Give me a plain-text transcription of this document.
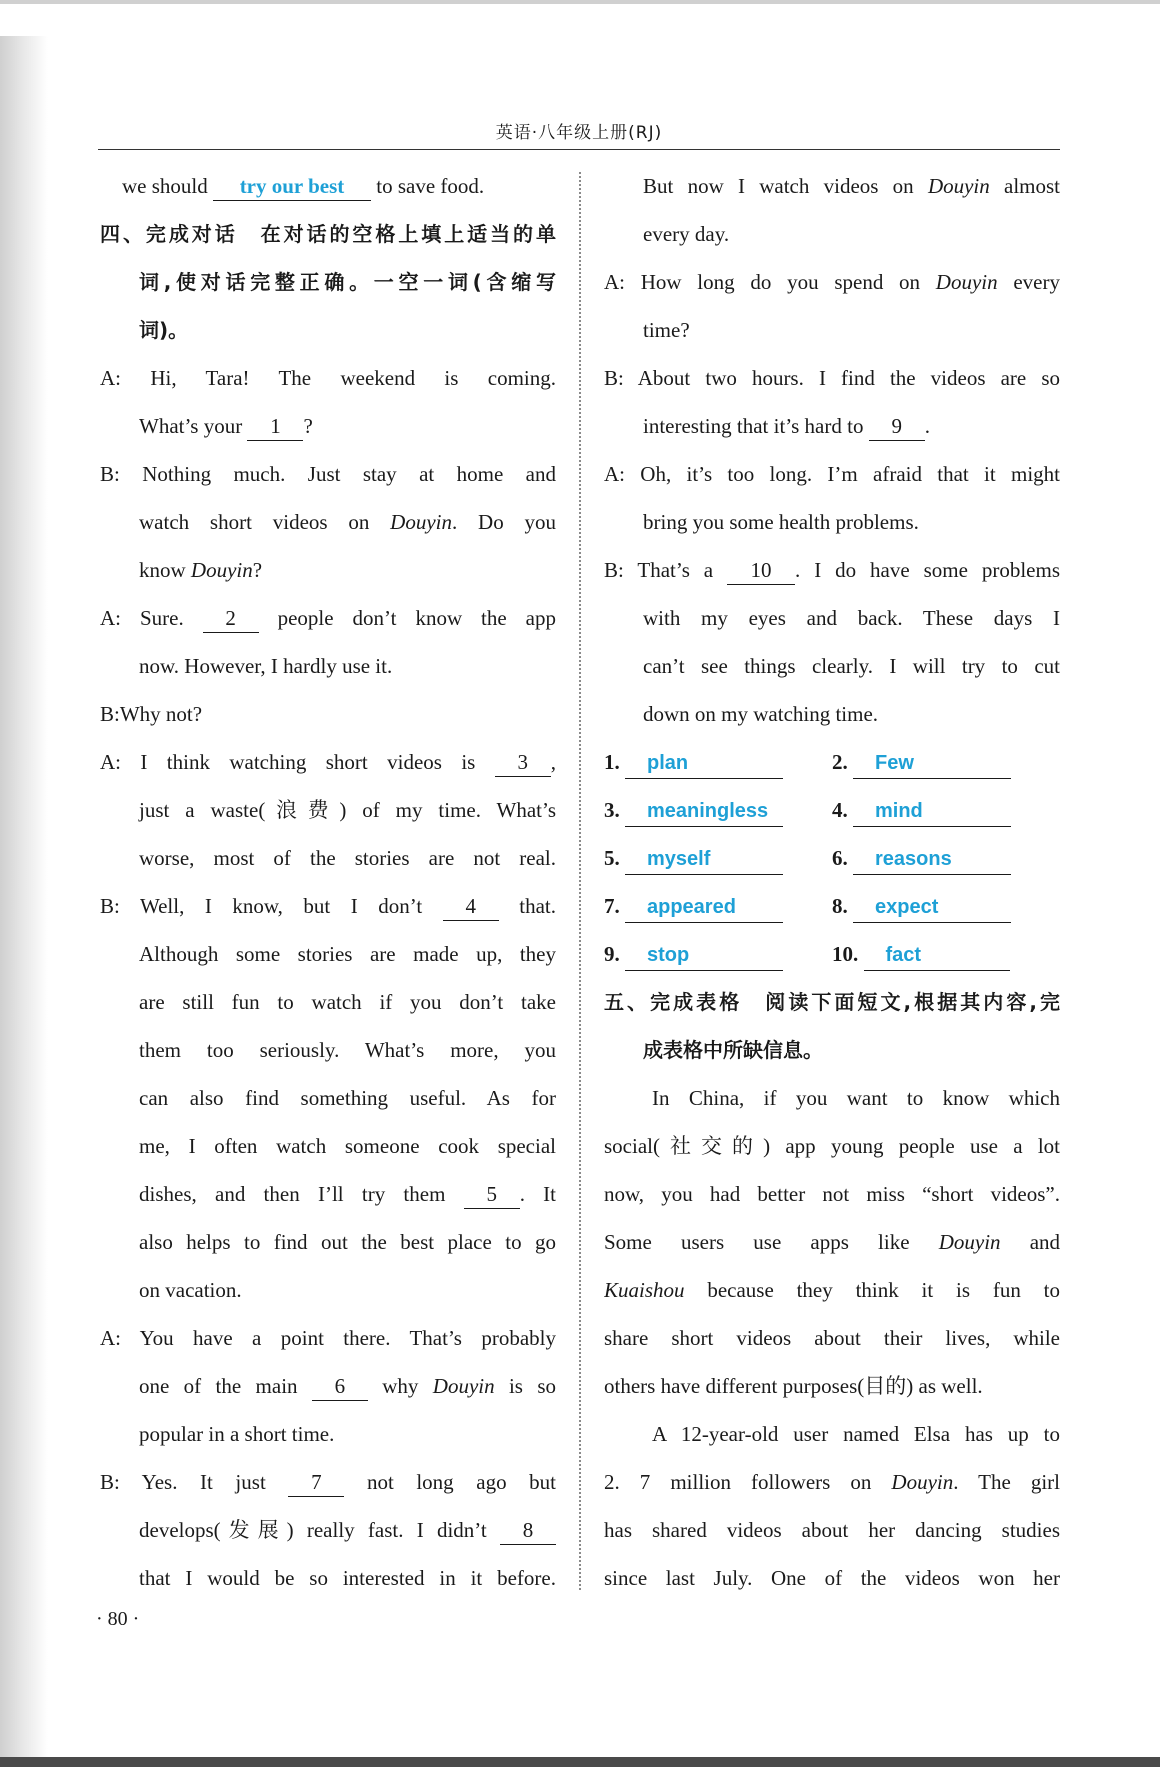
英语·八年级上册(RJ)
we should try our best to save food.
四、完成对话　在对话的空格上填上适当的单
词,使对话完整正确。一空一词(含缩写
词)。
A: Hi, Tara! The weekend is coming.
What’s your 1 ?
B: Nothing much. Just stay at home and
watch short videos on Douyin. Do you
know Douyin?
A: Sure. 2 people don’t know the app
now. However, I hardly use it.
B:Why not?
A: I think watching short videos is 3 ,
just a waste(浪费) of my time. What’s
worse, most of the stories are not real.
B: Well, I know, but I don’t 4 that.
Although some stories are made up, they
are still fun to watch if you don’t take
them too seriously. What’s more, you
can also find something useful. As for
me, I often watch someone cook special
dishes, and then I’ll try them 5 . It
also helps to find out the best place to go
on vacation.
A: You have a point there. That’s probably
one of the main 6 why Douyin is so
popular in a short time.
B: Yes. It just 7 not long ago but
develops(发展) really fast. I didn’t 8
that I would be so interested in it before.
But now I watch videos on Douyin almost
every day.
A: How long do you spend on Douyin every
time?
B: About two hours. I find the videos are so
interesting that it’s hard to 9 .
A: Oh, it’s too long. I’m afraid that it might
bring you some health problems.
B: That’s a 10 . I do have some problems
with my eyes and back. These days I
can’t see things clearly. I will try to cut
down on my watching time.
1. plan	2. Few
3. meaningless	4. mind
5. myself	6. reasons
7. appeared	8. expect
9. stop	10. fact
五、完成表格　阅读下面短文,根据其内容,完
成表格中所缺信息。
In China, if you want to know which
social(社交的) app young people use a lot
now, you had better not miss “short videos”.
Some users use apps like Douyin and
Kuaishou because they think it is fun to
share short videos about their lives, while
others have different purposes(目的) as well.
A 12-year-old user named Elsa has up to
2. 7 million followers on Douyin. The girl
has shared videos about her dancing studies
since last July. One of the videos won her
· 80 ·
